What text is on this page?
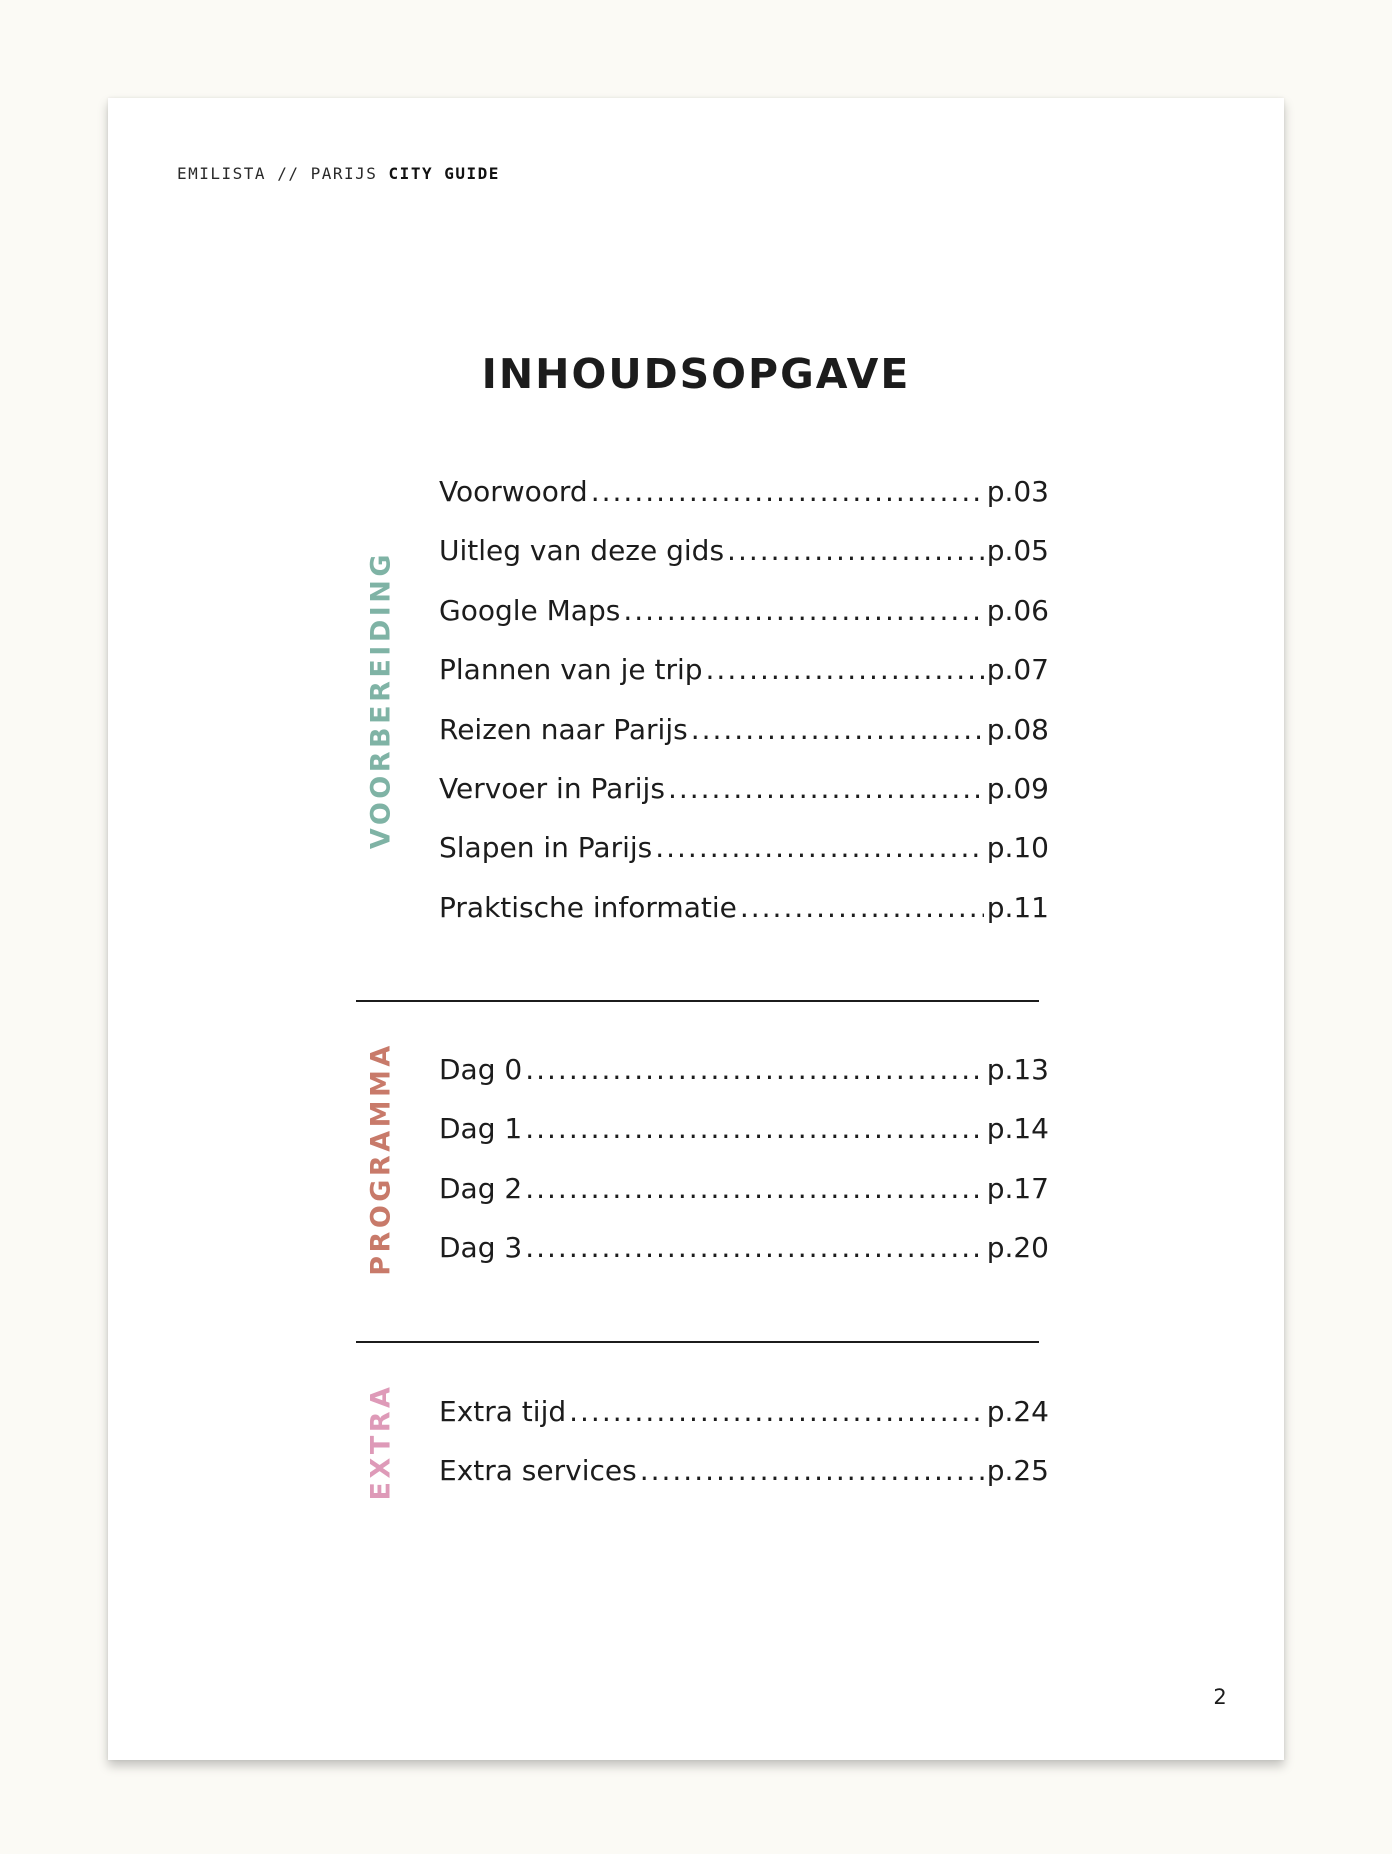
EMILISTA // PARIJS CITY GUIDE
INHOUDSOPGAVE
VOORBEREIDING
Voorwoord .....	p.03
Uitleg van deze gids .....	p.05
Google Maps .....	p.06
Plannen van je trip .....	p.07
Reizen naar Parijs .....	p.08
Vervoer in Parijs .....	p.09
Slapen in Parijs .....	p.10
Praktische informatie .....	p.11
PROGRAMMA Dag 0 .....	p.13
Dag 1 .....	p.14
Dag 2 .....	p.17
Dag 3 .....	p.20
EXTRA Extra tijd .....	p.24
Extra services .....	p.25
2
